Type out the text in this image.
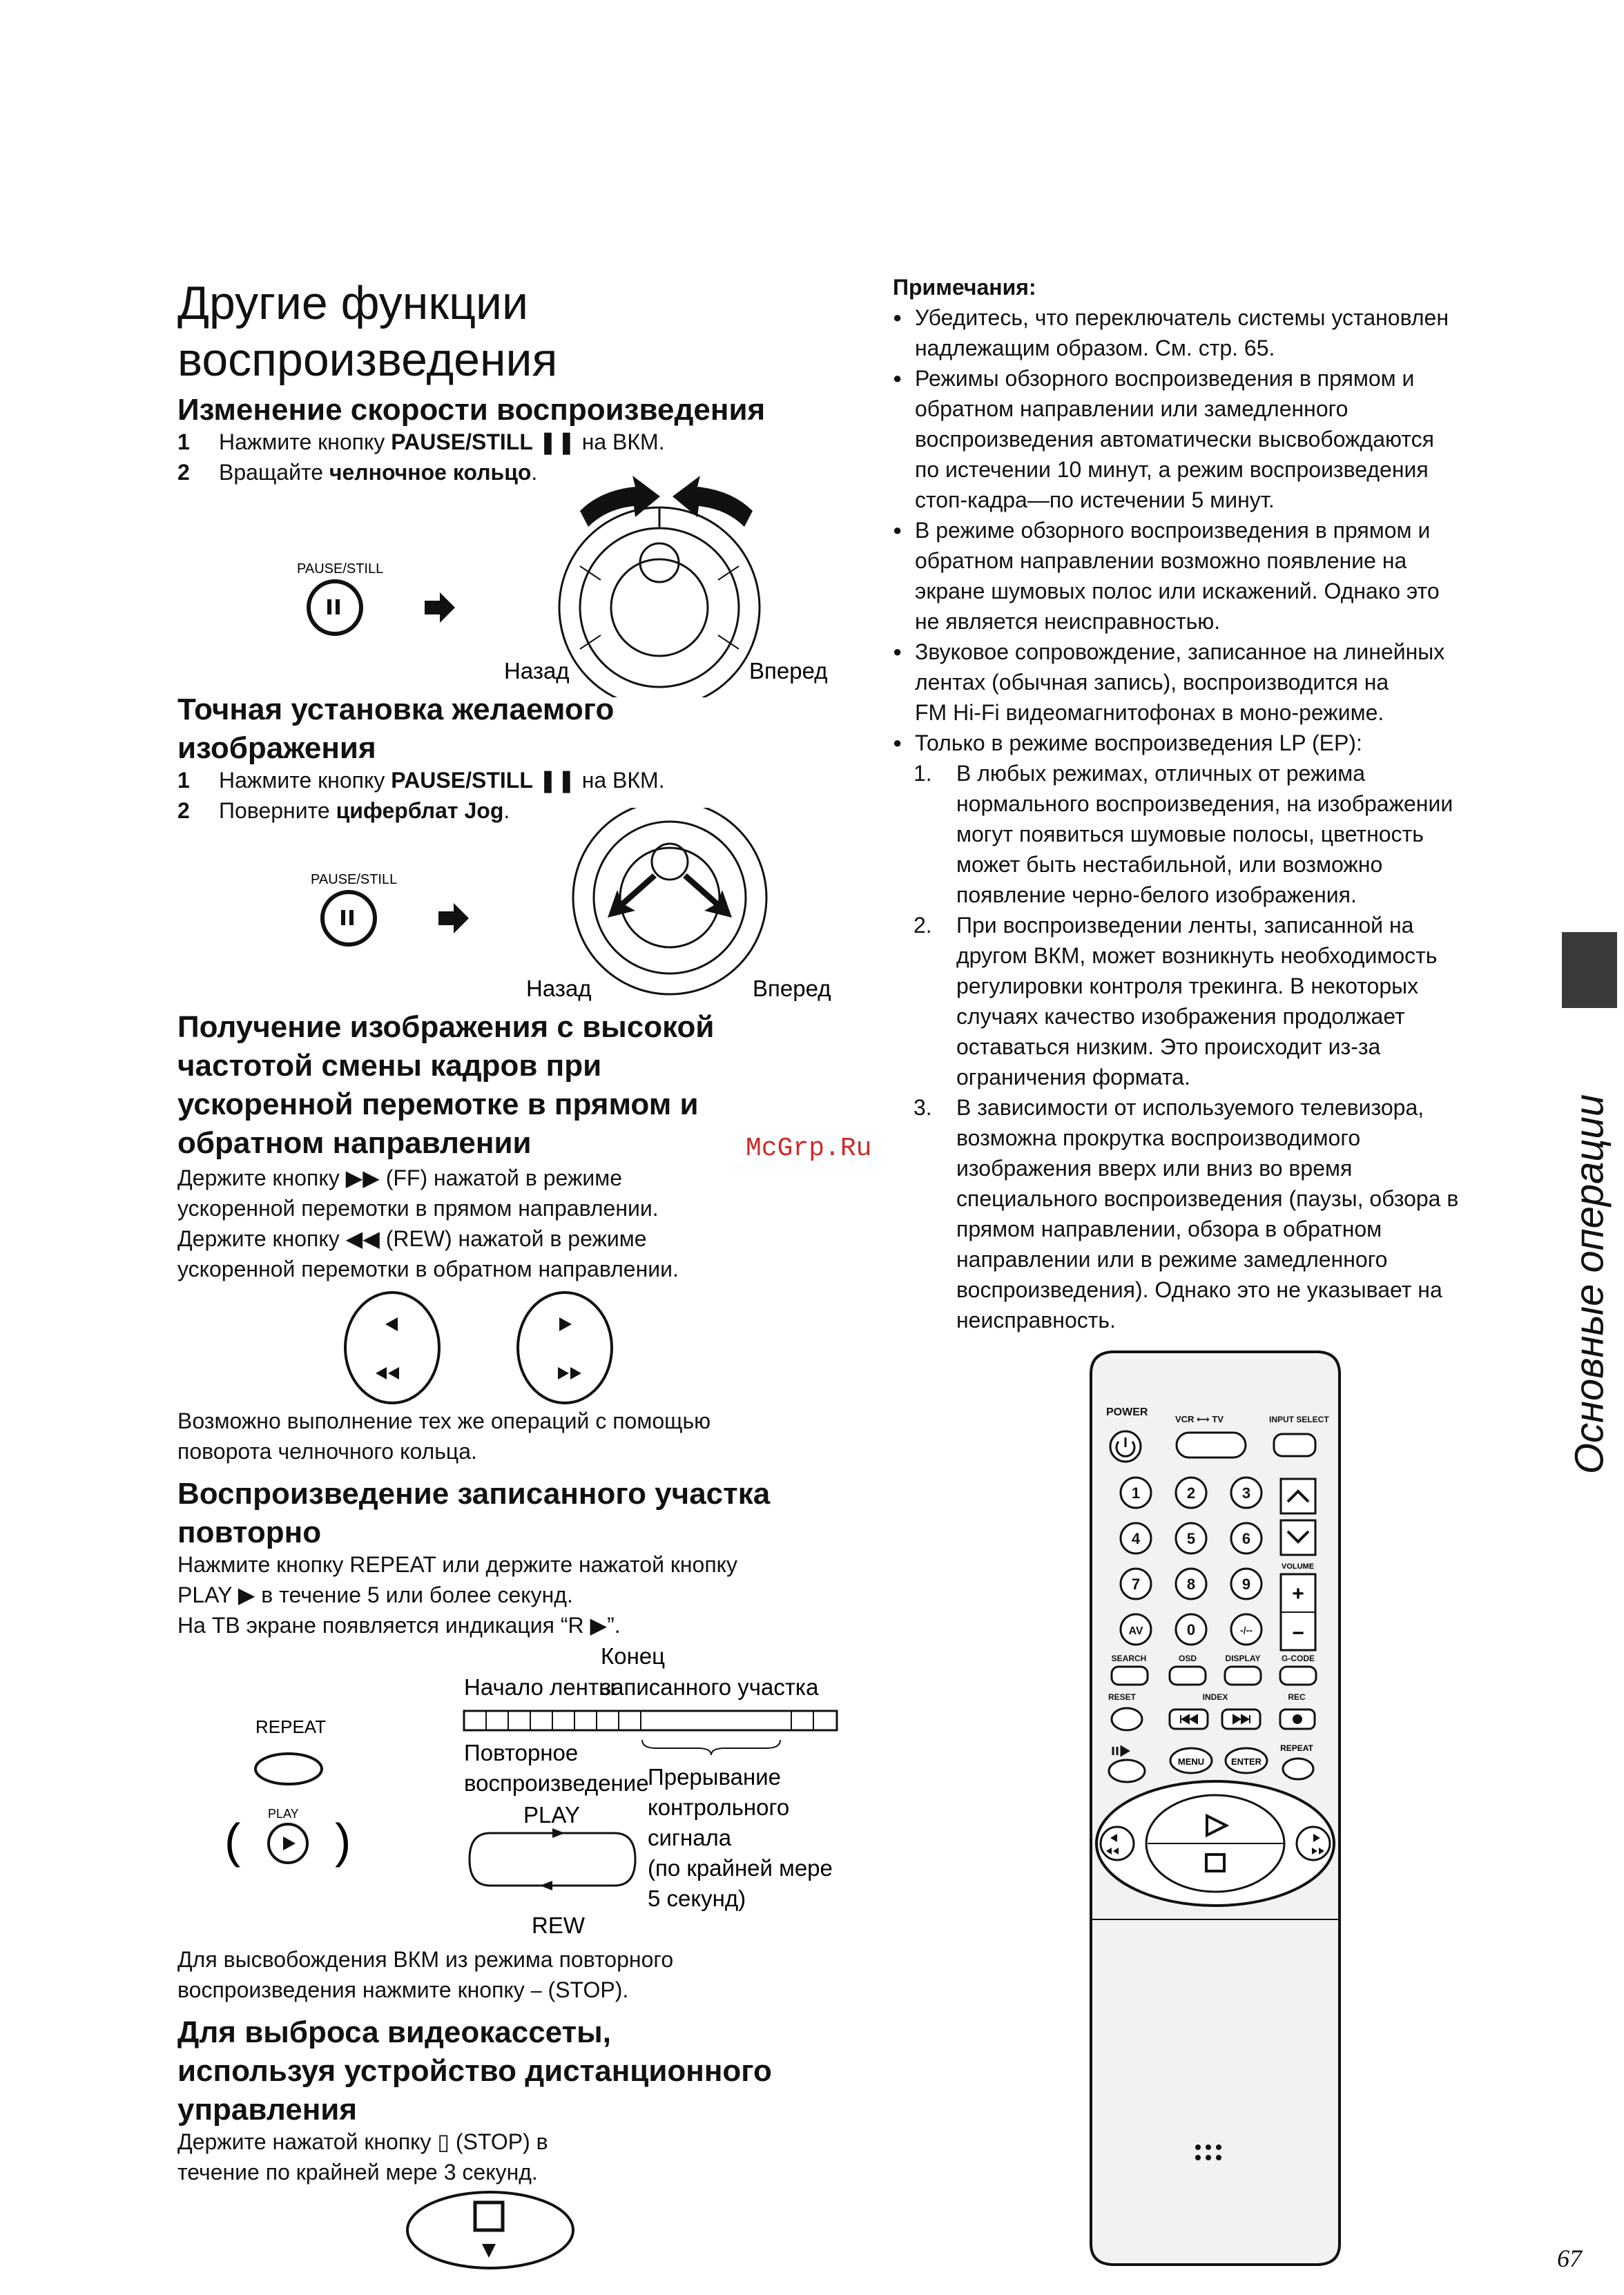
Другие функции
воспроизведения
Изменение скорости воспроизведения
1 Нажмите кнопку PAUSE/STILL ❚❚ на ВКМ.
2 Вращайте челночное кольцо.
PAUSE/STILL
Назад	Вперед
Точная установка желаемого
изображения
1 Нажмите кнопку PAUSE/STILL ❚❚ на ВКМ.
2 Поверните циферблат Jog.
PAUSE/STILL
Назад	Вперед
Получение изображения с высокой
частотой смены кадров при
ускоренной перемотке в прямом и
обратном направлении	McGrp.Ru
Держите кнопку ▶▶ (FF) нажатой в режиме
ускоренной перемотки в прямом направлении.
Держите кнопку ◀◀ (REW) нажатой в режиме
ускоренной перемотки в обратном направлении.
Возможно выполнение тех же операций с помощью
поворота челночного кольца.
Воспроизведение записанного участка
повторно
Нажмите кнопку REPEAT или держите нажатой кнопку
PLAY ▶ в течение 5 или более секунд.
На ТВ экране появляется индикация “R ▶”.
REPEAT
PLAY
( )
Конец
Начало ленты
записанного участка
Повторное
воспроизведение
Прерывание
контрольного
сигнала
(по крайней мере
5 секунд)
PLAY
REW
Для высвобождения ВКМ из режима повторного
воспроизведения нажмите кнопку ⎯ (STOP).
Для выброса видеокассеты,
используя устройство дистанционного
управления
Держите нажатой кнопку ▯ (STOP) в
течение по крайней мере 3 секунд.
Примечания:
● Убедитесь, что переключатель системы установлен
надлежащим образом. См. стр. 65.
● Режимы обзорного воспроизведения в прямом и
обратном направлении или замедленного
воспроизведения автоматически высвобождаются
по истечении 10 минут, а режим воспроизведения
стоп-кадра—по истечении 5 минут.
● В режиме обзорного воспроизведения в прямом и
обратном направлении возможно появление на
экране шумовых полос или искажений. Однако это
не является неисправностью.
● Звуковое сопровождение, записанное на линейных
лентах (обычная запись), воспроизводится на
FM Hi-Fi видеомагнитофонах в моно-режиме.
● Только в режиме воспроизведения LP (EP):
1. В любых режимах, отличных от режима
нормального воспроизведения, на изображении
могут появиться шумовые полосы, цветность
может быть нестабильной, или возможно
появление черно-белого изображения.
2. При воспроизведении ленты, записанной на
другом ВКМ, может возникнуть необходимость
регулировки контроля трекинга. В некоторых
случаях качество изображения продолжает
оставаться низким. Это происходит из-за
ограничения формата.
3. В зависимости от используемого телевизора,
возможна прокрутка воспроизводимого
изображения вверх или вниз во время
специального воспроизведения (паузы, обзора в
прямом направлении, обзора в обратном
направлении или в режиме замедленного
воспроизведения). Однако это не указывает на
неисправность.	Основные операции
POWER
VCR ⟷ TV	INPUT SELECT
1	2	3
4	5	6
7	8	9
AV	0	-/--
VOLUME
+
−
SEARCH	OSD	DISPLAY	G-CODE
RESET	INDEX	REC
MENU	ENTER
REPEAT
67
